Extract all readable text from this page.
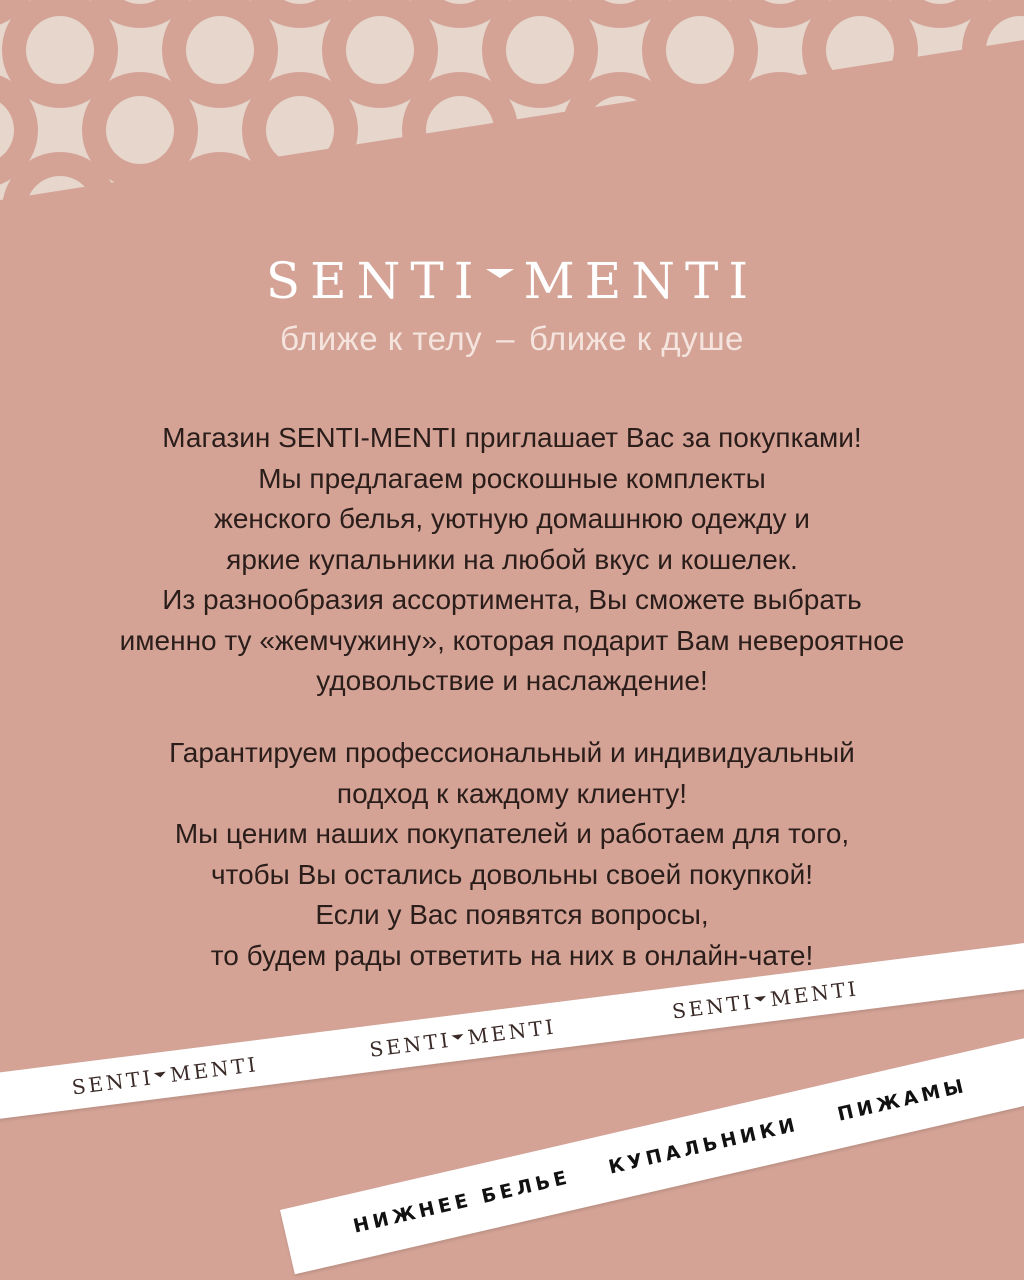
SENTI MENTI
ближе к телу – ближе к душе

Магазин SENTI-MENTI приглашает Вас за покупками!

Мы предлагаем роскошные комплекты

женского белья, уютную домашнюю одежду и

яркие купальники на любой вкус и кошелек.

Из разнообразия ассортимента, Вы сможете выбрать

именно ту «жемчужину», которая подарит Вам невероятное

удовольствие и наслаждение!

Гарантируем профессиональный и индивидуальный

подход к каждому клиенту!

Мы ценим наших покупателей и работаем для того,

чтобы Вы остались довольны своей покупкой!

Если у Вас появятся вопросы,

то будем рады ответить на них в онлайн-чате!

SENTI MENTI
SENTI MENTI
SENTI MENTI
НИЖНЕЕ БЕЛЬЕ
КУПАЛЬНИКИ
ПИЖАМЫ
